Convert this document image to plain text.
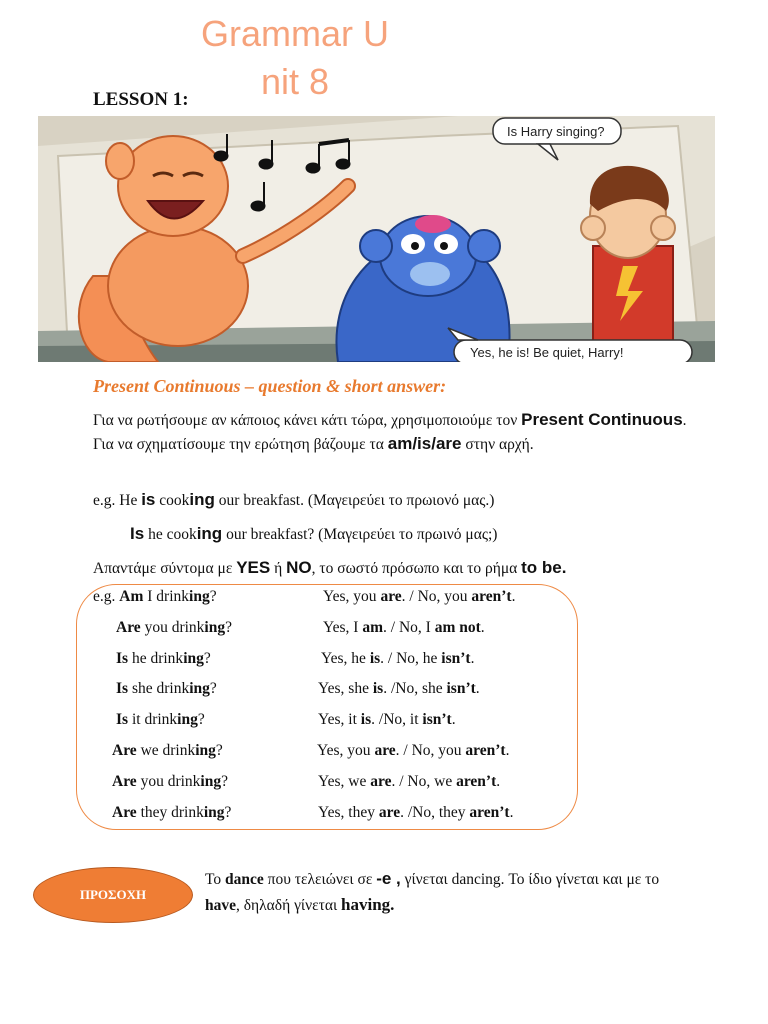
Grammar Unit 8
LESSON 1:
Is Harry singing?
Yes, he is! Be quiet, Harry!
Present Continuous – question & short answer:
Για να ρωτήσουμε αν κάποιος κάνει κάτι τώρα, χρησιμοποιούμε τον Present Continuous. Για να σχηματίσουμε την ερώτηση βάζουμε τα am/is/are στην αρχή.
e.g. He is cooking our breakfast. (Μαγειρεύει το πρωιονό μας.)
Is he cooking our breakfast? (Μαγειρεύει το πρωινό μας;)
Απαντάμε σύντομα με YES ή NO, το σωστό πρόσωπο και το ρήμα to be.
e.g. Am I drinking?	Yes, you are. / No, you aren’t.
Are you drinking?	Yes, I am. / No, I am not.
Is he drinking?	Yes, he is. / No, he isn’t.
Is she drinking?	Yes, she is. /No, she isn’t.
Is it drinking?	Yes, it is. /No, it isn’t.
Are we drinking?	Yes, you are. / No, you aren’t.
Are you drinking?	Yes, we are. / No, we aren’t.
Are they drinking?	Yes, they are. /No, they aren’t.
ΠΡΟΣΟΧΗ
Το dance που τελειώνει σε -e , γίνεται dancing. Το ίδιο γίνεται και με το have, δηλαδή γίνεται having.
